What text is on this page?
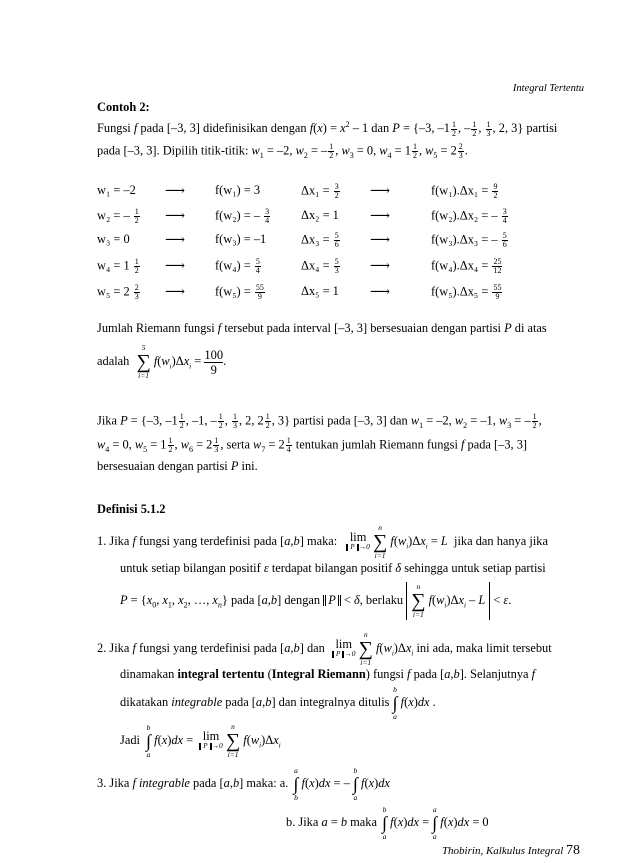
Integral Tertentu
Contoh 2:
Fungsi f pada [–3, 3] didefinisikan dengan $f(x) = x^2 - 1$ dan P = {–3, $-1 \frac{1}{2}$ , – $\frac{1}{2}$ , $\frac{1}{3}$ , 2, 3} partisi
pada [–3, 3]. Dipilih titik-titik: $w_1 = -2$, $w_2$ = – $\frac{1}{2}$ , $w_3 = 0$, $w_4 = 1 \frac{1}{2}$ , $w_5 = 2 \frac{2}{3}$ .
w₁ = –2 ⟶ f(w₁) = 3	$\Delta x_1 = \frac{3}{2}$ ⟶	$f(w_1).\Delta x_1 = \frac{9}{2}$
w₂ = – $\frac{1}{2}$ ⟶ f(w₂) = – $\frac{3}{4} \Delta x_2 = 1$ ⟶	f(w₂).Δx₂ = – $\frac{3}{4}$
w₃ = 0	⟶ f(w₃) = –1	$\Delta x_3 = \frac{5}{6}$ ⟶	f(w₃).Δx₃ = – $\frac{5}{6}$
$w_4 = 1 \frac{1}{2}$ ⟶ $f(w_4) = \frac{5}{4}$	$\Delta x_4 = \frac{5}{3}$ ⟶	$f(w_4).\Delta x_4 = \frac{25}{12}$
$w_5 = 2 \frac{2}{3}$ ⟶ $f(w_5) = \frac{55}{9}$	Δx₅ = 1 ⟶	$f(w_5).\Delta x_5 = \frac{55}{9}$
Jumlah Riemann fungsi f tersebut pada interval [–3, 3] bersesuaian dengan partisi P di atas
adalah
5
∑
i=1
$f(w_i)\Delta x_i = \frac{100}{9}$ .
Jika P = {–3, $-1 \frac{1}{2}$ , –1, – $\frac{1}{2}$ , $\frac{1}{3}$ , 2, $2 \frac{1}{2}$ , 3} partisi pada [–3, 3] dan $w_1 = -2$, $w_2 = -1$, $w_3$ = – $\frac{1}{2}$ ,
$w_4 = 0$, $w_5 = 1 \frac{1}{2}$ , $w_6 = 2 \frac{1}{3}$ , serta $w_7 = 2 \frac{1}{4}$ tentukan jumlah Riemann fungsi f pada [–3, 3]
bersesuaian dengan partisi P ini.
Definisi 5.1.2
1. Jika f fungsi yang terdefinisi pada [a,b] maka: lim
P →0

n
∑
i=1
$f(w_i)\Delta x_i = L$  jika dan hanya jika
untuk setiap bilangan positif ε terdapat bilangan positif δ sehingga untuk setiap partisi
$P = \{x_0$, $x_1$, $x_2$, …, $x_n$} pada [a,b] dengan P < δ, berlaku
n
∑
i=1
$f(w_i)\Delta x_i - L < \varepsilon$.
2. Jika f fungsi yang terdefinisi pada [a,b] dan lim
P →0

n
∑
i=1
$f(w_i)\Delta x_i$ ini ada, maka limit tersebut
dinamakan integral tertentu (Integral Riemann) fungsi f pada [a,b]. Selanjutnya f
dikatakan integrable pada [a,b] dan integralnya ditulis
b
∫
a
f(x)dx .
Jadi
b
∫
a
f(x)dx = lim
P →0

n
∑
i=1
$f(w_i)\Delta x_i$
3. Jika f integrable pada [a,b] maka: a.
a
∫
b
f(x)dx = –
b
∫
a
f(x)dx
b. Jika a = b maka
b
∫
a
f(x)dx =
a
∫
a
f(x)dx = 0
Thobirin, Kalkulus Integral 78
